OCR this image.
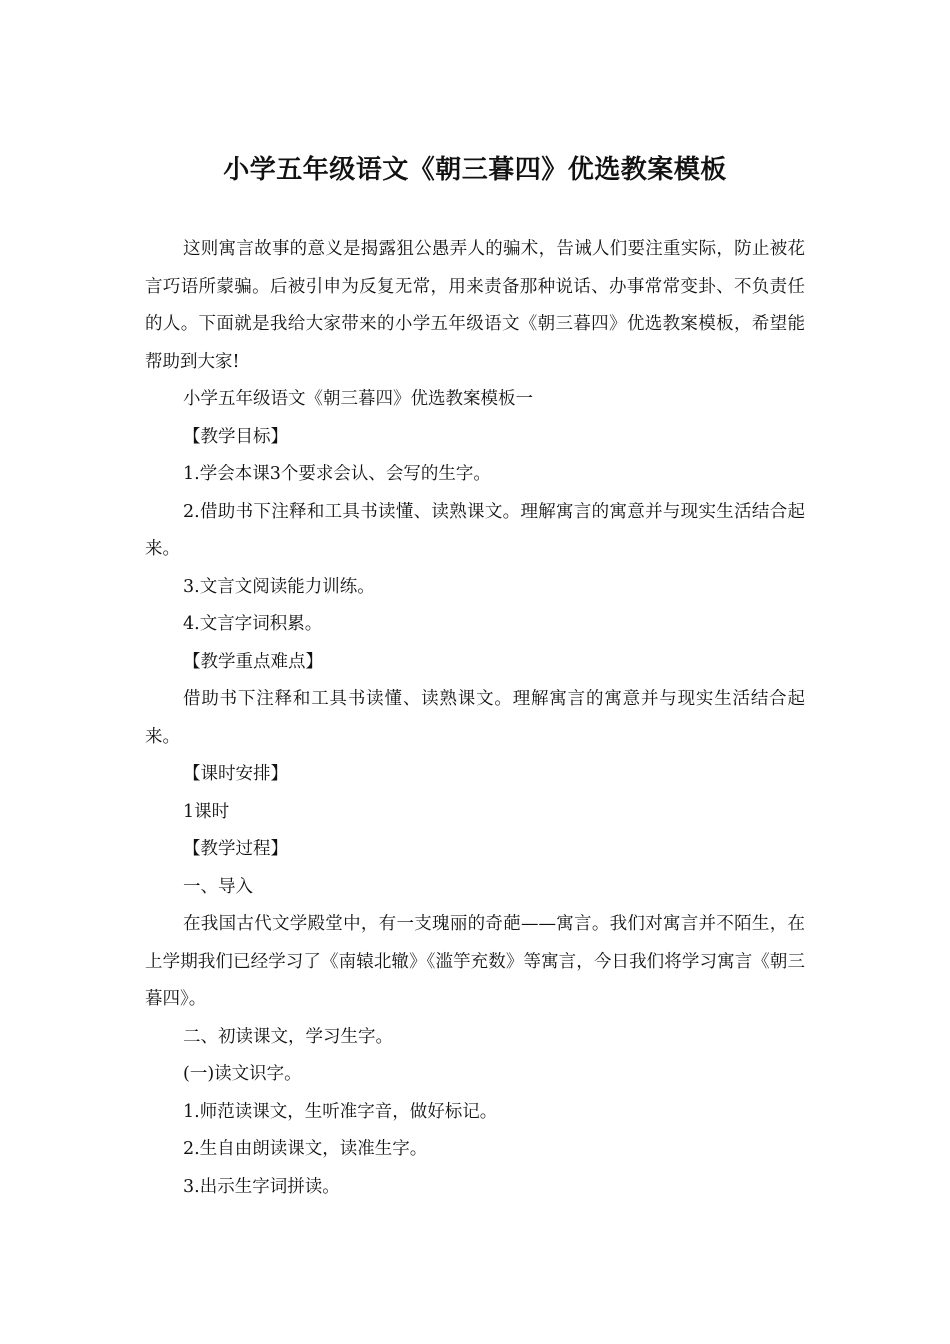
小学五年级语文《朝三暮四》优选教案模板

这则寓言故事的意义是揭露狙公愚弄人的骗术，告诫人们要注重实际，防止被花言巧语所蒙骗。后被引申为反复无常，用来责备那种说话、办事常常变卦、不负责任的人。下面就是我给大家带来的小学五年级语文《朝三暮四》优选教案模板，希望能帮助到大家!

小学五年级语文《朝三暮四》优选教案模板一

【教学目标】

1.学会本课3个要求会认、会写的生字。

2.借助书下注释和工具书读懂、读熟课文。理解寓言的寓意并与现实生活结合起来。

3.文言文阅读能力训练。

4.文言字词积累。

【教学重点难点】

借助书下注释和工具书读懂、读熟课文。理解寓言的寓意并与现实生活结合起来。

【课时安排】

1课时

【教学过程】

一、导入

在我国古代文学殿堂中，有一支瑰丽的奇葩——寓言。我们对寓言并不陌生，在上学期我们已经学习了《南辕北辙》《滥竽充数》等寓言，今日我们将学习寓言《朝三暮四》。

二、初读课文，学习生字。

(一)读文识字。

1.师范读课文，生听准字音，做好标记。

2.生自由朗读课文，读准生字。

3.出示生字词拼读。
